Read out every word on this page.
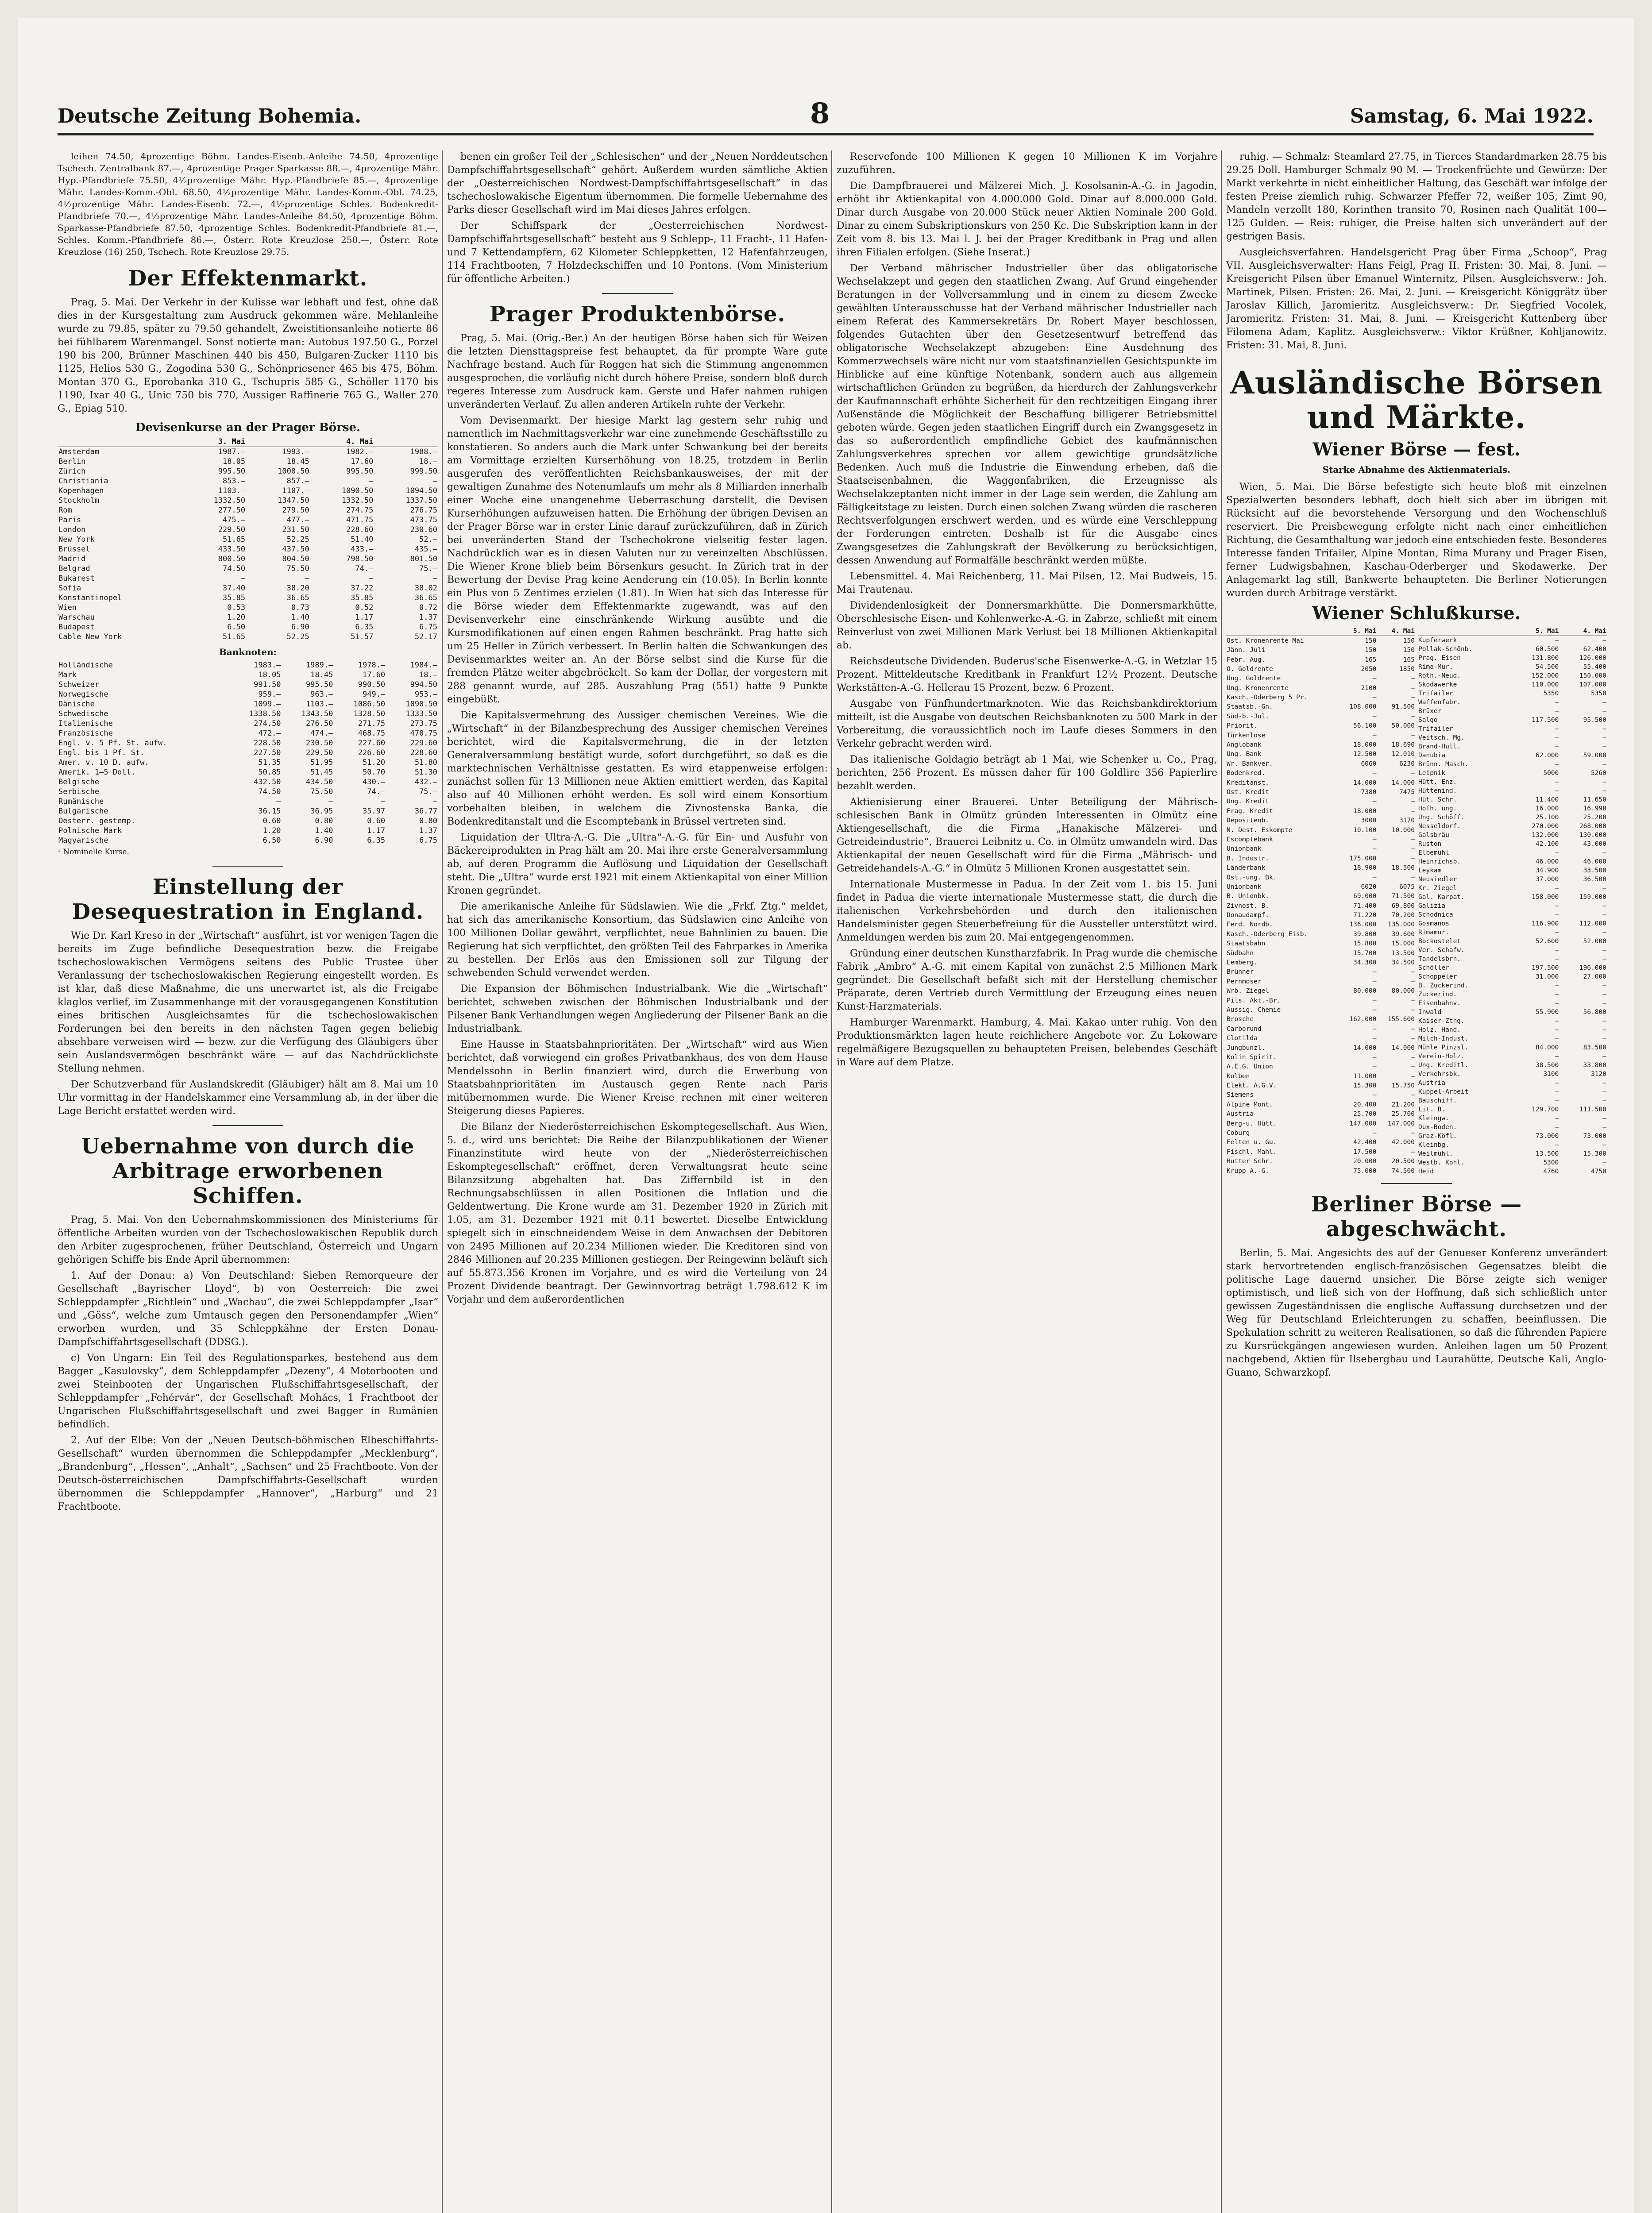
Deutsche Zeitung Bohemia.	8	Samstag, 6. Mai 1922.

leihen 74.50, 4prozentige Böhm. Landes-Eisenb.-Anleihe 74.50, 4prozentige Tschech. Zentralbank 87.—, 4prozentige Prager Sparkasse 88.—, 4prozentige Mähr. Hyp.-Pfandbriefe 75.50, 4½prozentige Mähr. Hyp.-Pfandbriefe 85.—, 4prozentige Mähr. Landes-Komm.-Obl. 68.50, 4½prozentige Mähr. Landes-Komm.-Obl. 74.25, 4½prozentige Mähr. Landes-Eisenb. 72.—, 4½prozentige Schles. Bodenkredit-Pfandbriefe 70.—, 4½prozentige Mähr. Landes-Anleihe 84.50, 4prozentige Böhm. Sparkasse-Pfandbriefe 87.50, 4prozentige Schles. Bodenkredit-Pfandbriefe 81.—, Schles. Komm.-Pfandbriefe 86.—, Österr. Rote Kreuzlose 250.—, Österr. Rote Kreuzlose (16) 250, Tschech. Rote Kreuzlose 29.75.

Der Effektenmarkt.

Prag, 5. Mai. Der Verkehr in der Kulisse war lebhaft und fest, ohne daß dies in der Kursgestaltung zum Ausdruck gekommen wäre. Mehlanleihe wurde zu 79.85, später zu 79.50 gehandelt, Zweistitionsanleihe notierte 86 bei fühlbarem Warenmangel. Sonst notierte man: Autobus 197.50 G., Porzel 190 bis 200, Brünner Maschinen 440 bis 450, Bulgaren-Zucker 1110 bis 1125, Helios 530 G., Zogodina 530 G., Schönpriesener 465 bis 475, Böhm. Montan 370 G., Eporobanka 310 G., Tschupris 585 G., Schöller 1170 bis 1190, Ixar 40 G., Unic 750 bis 770, Aussiger Raffinerie 765 G., Waller 270 G., Epiag 510.

Devisenkurse an der Prager Börse.
	3. Mai		4. Mai	
Amsterdam	1987.—	1993.—	1982.—	1988.—
Berlin	18.05	18.45	17.60	18.—
Zürich	995.50	1000.50	995.50	999.50
Christiania	853.—	857.—	—	—
Kopenhagen	1103.—	1107.—	1090.50	1094.50
Stockholm	1332.50	1347.50	1332.50	1337.50
Rom	277.50	279.50	274.75	276.75
Paris	475.—	477.—	471.75	473.75
London	229.50	231.50	228.60	230.60
New York	51.65	52.25	51.40	52.—
Brüssel	433.50	437.50	433.—	435.—
Madrid	800.50	804.50	798.50	801.50
Belgrad	74.50	75.50	74.—	75.—
Bukarest	—	—	—	—
Sofia	37.40	38.20	37.22	38.02
Konstantinopel	35.85	36.65	35.85	36.65
Wien	0.53	0.73	0.52	0.72
Warschau	1.20	1.40	1.17	1.37
Budapest	6.50	6.90	6.35	6.75
Cable New York	51.65	52.25	51.57	52.17
Banknoten:
Holländische	1983.—	1989.—	1978.—	1984.—
Mark	18.05	18.45	17.60	18.—
Schweizer	991.50	995.50	990.50	994.50
Norwegische	959.—	963.—	949.—	953.—
Dänische	1099.—	1103.—	1086.50	1090.50
Schwedische	1338.50	1343.50	1328.50	1333.50
Italienische	274.50	276.50	271.75	273.75
Französische	472.—	474.—	468.75	470.75
Engl. v. 5 Pf. St. aufw.	228.50	230.50	227.60	229.60
Engl. bis 1 Pf. St.	227.50	229.50	226.60	228.60
Amer. v. 10 D. aufw.	51.35	51.95	51.20	51.80
Amerik. 1—5 Doll.	50.85	51.45	50.70	51.30
Belgische	432.50	434.50	430.—	432.—
Serbische	74.50	75.50	74.—	75.—
Rumänische	—	—	—	—
Bulgarische	36.15	36.95	35.97	36.77
Oesterr. gestemp.	0.60	0.80	0.60	0.80
Polnische Mark	1.20	1.40	1.17	1.37
Magyarische	6.50	6.90	6.35	6.75
¹ Nominelle Kurse.
Einstellung der Desequestration in England.

Wie Dr. Karl Kreso in der „Wirtschaft“ ausführt, ist vor wenigen Tagen die bereits im Zuge befindliche Desequestration bezw. die Freigabe tschechoslowakischen Vermögens seitens des Public Trustee über Veranlassung der tschechoslowakischen Regierung eingestellt worden. Es ist klar, daß diese Maßnahme, die uns unerwartet ist, als die Freigabe klaglos verlief, im Zusammenhange mit der vorausgegangenen Konstitution eines britischen Ausgleichsamtes für die tschechoslowakischen Forderungen bei den bereits in den nächsten Tagen gegen beliebig absehbare verweisen wird — bezw. zur die Verfügung des Gläubigers über sein Auslandsvermögen beschränkt wäre — auf das Nachdrücklichste Stellung nehmen.

Der Schutzverband für Auslandskredit (Gläubiger) hält am 8. Mai um 10 Uhr vormittag in der Handelskammer eine Versammlung ab, in der über die Lage Bericht erstattet werden wird.

Uebernahme von durch die Arbitrage erworbenen Schiffen.

Prag, 5. Mai. Von den Uebernahmskommissionen des Ministeriums für öffentliche Arbeiten wurden von der Tschechoslowakischen Republik durch den Arbiter zugesprochenen, früher Deutschland, Österreich und Ungarn gehörigen Schiffe bis Ende April übernommen:

1. Auf der Donau: a) Von Deutschland: Sieben Remorqueure der Gesellschaft „Bayrischer Lloyd“, b) von Oesterreich: Die zwei Schleppdampfer „Richtlein“ und „Wachau“, die zwei Schleppdampfer „Isar“ und „Göss“, welche zum Umtausch gegen den Personendampfer „Wien“ erworben wurden, und 35 Schleppkähne der Ersten Donau-Dampfschiffahrtsgesellschaft (DDSG.).

c) Von Ungarn: Ein Teil des Regulationsparkes, bestehend aus dem Bagger „Kasulovsky“, dem Schleppdampfer „Dezeny“, 4 Motorbooten und zwei Steinbooten der Ungarischen Flußschiffahrtsgesellschaft, der Schleppdampfer „Fehérvár“, der Gesellschaft Mohács, 1 Frachtboot der Ungarischen Flußschiffahrtsgesellschaft und zwei Bagger in Rumänien befindlich.

2. Auf der Elbe: Von der „Neuen Deutsch-böhmischen Elbeschiffahrts-Gesellschaft“ wurden übernommen die Schleppdampfer „Mecklenburg“, „Brandenburg“, „Hessen“, „Anhalt“, „Sachsen“ und 25 Frachtboote. Von der Deutsch-österreichischen Dampfschiffahrts-Gesellschaft wurden übernommen die Schleppdampfer „Hannover“, „Harburg“ und 21 Frachtboote.

benen ein großer Teil der „Schlesischen“ und der „Neuen Norddeutschen Dampfschiffahrtsgesellschaft“ gehört. Außerdem wurden sämtliche Aktien der „Oesterreichischen Nordwest-Dampfschiffahrtsgesellschaft“ in das tschechoslowakische Eigentum übernommen. Die formelle Uebernahme des Parks dieser Gesellschaft wird im Mai dieses Jahres erfolgen.

Der Schiffspark der „Oesterreichischen Nordwest-Dampfschiffahrtsgesellschaft“ besteht aus 9 Schlepp-, 11 Fracht-, 11 Hafen- und 7 Kettendampfern, 62 Kilometer Schleppketten, 12 Hafenfahrzeugen, 114 Frachtbooten, 7 Holzdeckschiffen und 10 Pontons. (Vom Ministerium für öffentliche Arbeiten.)

Prager Produktenbörse.

Prag, 5. Mai. (Orig.-Ber.) An der heutigen Börse haben sich für Weizen die letzten Diensttagspreise fest behauptet, da für prompte Ware gute Nachfrage bestand. Auch für Roggen hat sich die Stimmung angenommen ausgesprochen, die vorläufig nicht durch höhere Preise, sondern bloß durch regeres Interesse zum Ausdruck kam. Gerste und Hafer nahmen ruhigen unveränderten Verlauf. Zu allen anderen Artikeln ruhte der Verkehr.

Vom Devisenmarkt. Der hiesige Markt lag gestern sehr ruhig und namentlich im Nachmittagsverkehr war eine zunehmende Geschäftsstille zu konstatieren. So anders auch die Mark unter Schwankung bei der bereits am Vormittage erzielten Kurserhöhung von 18.25, trotzdem in Berlin ausgerufen des veröffentlichten Reichsbankausweises, der mit der gewaltigen Zunahme des Notenumlaufs um mehr als 8 Milliarden innerhalb einer Woche eine unangenehme Ueberraschung darstellt, die Devisen Kurserhöhungen aufzuweisen hatten. Die Erhöhung der übrigen Devisen an der Prager Börse war in erster Linie darauf zurückzuführen, daß in Zürich bei unveränderten Stand der Tschechokrone vielseitig fester lagen. Nachdrücklich war es in diesen Valuten nur zu vereinzelten Abschlüssen. Die Wiener Krone blieb beim Börsenkurs gesucht. In Zürich trat in der Bewertung der Devise Prag keine Aenderung ein (10.05). In Berlin konnte ein Plus von 5 Zentimes erzielen (1.81). In Wien hat sich das Interesse für die Börse wieder dem Effektenmarkte zugewandt, was auf den Devisenverkehr eine einschränkende Wirkung ausübte und die Kursmodifikationen auf einen engen Rahmen beschränkt. Prag hatte sich um 25 Heller in Zürich verbessert. In Berlin halten die Schwankungen des Devisenmarktes weiter an. An der Börse selbst sind die Kurse für die fremden Plätze weiter abgebröckelt. So kam der Dollar, der vorgestern mit 288 genannt wurde, auf 285. Auszahlung Prag (551) hatte 9 Punkte eingebüßt.

Die Kapitalsvermehrung des Aussiger chemischen Vereines. Wie die „Wirtschaft“ in der Bilanzbesprechung des Aussiger chemischen Vereines berichtet, wird die Kapitalsvermehrung, die in der letzten Generalversammlung bestätigt wurde, sofort durchgeführt, so daß es die marktechnischen Verhältnisse gestatten. Es wird etappenweise erfolgen: zunächst sollen für 13 Millionen neue Aktien emittiert werden, das Kapital also auf 40 Millionen erhöht werden. Es soll wird einem Konsortium vorbehalten bleiben, in welchem die Zivnostenska Banka, die Bodenkreditanstalt und die Escomptebank in Brüssel vertreten sind.

Liquidation der Ultra-A.-G. Die „Ultra“-A.-G. für Ein- und Ausfuhr von Bäckereiprodukten in Prag hält am 20. Mai ihre erste Generalversammlung ab, auf deren Programm die Auflösung und Liquidation der Gesellschaft steht. Die „Ultra“ wurde erst 1921 mit einem Aktienkapital von einer Million Kronen gegründet.

Die amerikanische Anleihe für Südslawien. Wie die „Frkf. Ztg.“ meldet, hat sich das amerikanische Konsortium, das Südslawien eine Anleihe von 100 Millionen Dollar gewährt, verpflichtet, neue Bahnlinien zu bauen. Die Regierung hat sich verpflichtet, den größten Teil des Fahrparkes in Amerika zu bestellen. Der Erlös aus den Emissionen soll zur Tilgung der schwebenden Schuld verwendet werden.

Die Expansion der Böhmischen Industrialbank. Wie die „Wirtschaft“ berichtet, schweben zwischen der Böhmischen Industrialbank und der Pilsener Bank Verhandlungen wegen Angliederung der Pilsener Bank an die Industrialbank.

Eine Hausse in Staatsbahnprioritäten. Der „Wirtschaft“ wird aus Wien berichtet, daß vorwiegend ein großes Privatbankhaus, des von dem Hause Mendelssohn in Berlin finanziert wird, durch die Erwerbung von Staatsbahnprioritäten im Austausch gegen Rente nach Paris mitübernommen wurde. Die Wiener Kreise rechnen mit einer weiteren Steigerung dieses Papieres.

Die Bilanz der Niederösterreichischen Eskomptegesellschaft. Aus Wien, 5. d., wird uns berichtet: Die Reihe der Bilanzpublikationen der Wiener Finanzinstitute wird heute von der „Niederösterreichischen Eskomptegesellschaft“ eröffnet, deren Verwaltungsrat heute seine Bilanzsitzung abgehalten hat. Das Ziffernbild ist in den Rechnungsabschlüssen in allen Positionen die Inflation und die Geldentwertung. Die Krone wurde am 31. Dezember 1920 in Zürich mit 1.05, am 31. Dezember 1921 mit 0.11 bewertet. Dieselbe Entwicklung spiegelt sich in einschneidendem Weise in dem Anwachsen der Debitoren von 2495 Millionen auf 20.234 Millionen wieder. Die Kreditoren sind von 2846 Millionen auf 20.235 Millionen gestiegen. Der Reingewinn beläuft sich auf 55.873.356 Kronen im Vorjahre, und es wird die Verteilung von 24 Prozent Dividende beantragt. Der Gewinnvortrag beträgt 1.798.612 K im Vorjahr und dem außerordentlichen

Reservefonde 100 Millionen K gegen 10 Millionen K im Vorjahre zuzuführen.

Die Dampfbrauerei und Mälzerei Mich. J. Kosolsanin-A.-G. in Jagodin, erhöht ihr Aktienkapital von 4.000.000 Gold. Dinar auf 8.000.000 Gold. Dinar durch Ausgabe von 20.000 Stück neuer Aktien Nominale 200 Gold. Dinar zu einem Subskriptionskurs von 250 Kc. Die Subskription kann in der Zeit vom 8. bis 13. Mai l. J. bei der Prager Kreditbank in Prag und allen ihren Filialen erfolgen. (Siehe Inserat.)

Der Verband mährischer Industrieller über das obligatorische Wechselakzept und gegen den staatlichen Zwang. Auf Grund eingehender Beratungen in der Vollversammlung und in einem zu diesem Zwecke gewählten Unterausschusse hat der Verband mährischer Industrieller nach einem Referat des Kammersekretärs Dr. Robert Mayer beschlossen, folgendes Gutachten über den Gesetzesentwurf betreffend das obligatorische Wechselakzept abzugeben: Eine Ausdehnung des Kommerzwechsels wäre nicht nur vom staatsfinanziellen Gesichtspunkte im Hinblicke auf eine künftige Notenbank, sondern auch aus allgemein wirtschaftlichen Gründen zu begrüßen, da hierdurch der Zahlungsverkehr der Kaufmannschaft erhöhte Sicherheit für den rechtzeitigen Eingang ihrer Außenstände die Möglichkeit der Beschaffung billigerer Betriebsmittel geboten würde. Gegen jeden staatlichen Eingriff durch ein Zwangsgesetz in das so außerordentlich empfindliche Gebiet des kaufmännischen Zahlungsverkehres sprechen vor allem gewichtige grundsätzliche Bedenken. Auch muß die Industrie die Einwendung erheben, daß die Staatseisenbahnen, die Waggonfabriken, die Erzeugnisse als Wechselakzeptanten nicht immer in der Lage sein werden, die Zahlung am Fälligkeitstage zu leisten. Durch einen solchen Zwang würden die rascheren Rechtsverfolgungen erschwert werden, und es würde eine Verschleppung der Forderungen eintreten. Deshalb ist für die Ausgabe eines Zwangsgesetzes die Zahlungskraft der Bevölkerung zu berücksichtigen, dessen Anwendung auf Formalfälle beschränkt werden müßte.

Lebensmittel. 4. Mai Reichenberg, 11. Mai Pilsen, 12. Mai Budweis, 15. Mai Trautenau.

Dividendenlosigkeit der Donnersmarkhütte. Die Donnersmarkhütte, Oberschlesische Eisen- und Kohlenwerke-A.-G. in Zabrze, schließt mit einem Reinverlust von zwei Millionen Mark Verlust bei 18 Millionen Aktienkapital ab.

Reichsdeutsche Dividenden. Buderus'sche Eisenwerke-A.-G. in Wetzlar 15 Prozent. Mitteldeutsche Kreditbank in Frankfurt 12½ Prozent. Deutsche Werkstätten-A.-G. Hellerau 15 Prozent, bezw. 6 Prozent.

Ausgabe von Fünfhundertmarknoten. Wie das Reichsbankdirektorium mitteilt, ist die Ausgabe von deutschen Reichsbanknoten zu 500 Mark in der Vorbereitung, die voraussichtlich noch im Laufe dieses Sommers in den Verkehr gebracht werden wird.

Das italienische Goldagio beträgt ab 1 Mai, wie Schenker u. Co., Prag, berichten, 256 Prozent. Es müssen daher für 100 Goldlire 356 Papierlire bezahlt werden.

Aktienisierung einer Brauerei. Unter Beteiligung der Mährisch-schlesischen Bank in Olmütz gründen Interessenten in Olmütz eine Aktiengesellschaft, die die Firma „Hanakische Mälzerei- und Getreideindustrie“, Brauerei Leibnitz u. Co. in Olmütz umwandeln wird. Das Aktienkapital der neuen Gesellschaft wird für die Firma „Mährisch- und Getreidehandels-A.-G.“ in Olmütz 5 Millionen Kronen ausgestattet sein.

Internationale Mustermesse in Padua. In der Zeit vom 1. bis 15. Juni findet in Padua die vierte internationale Mustermesse statt, die durch die italienischen Verkehrsbehörden und durch den italienischen Handelsminister gegen Steuerbefreiung für die Aussteller unterstützt wird. Anmeldungen werden bis zum 20. Mai entgegengenommen.

Gründung einer deutschen Kunstharzfabrik. In Prag wurde die chemische Fabrik „Ambro“ A.-G. mit einem Kapital von zunächst 2.5 Millionen Mark gegründet. Die Gesellschaft befaßt sich mit der Herstellung chemischer Präparate, deren Vertrieb durch Vermittlung der Erzeugung eines neuen Kunst-Harzmaterials.

Hamburger Warenmarkt. Hamburg, 4. Mai. Kakao unter ruhig. Von den Produktionsmärkten lagen heute reichlichere Angebote vor. Zu Lokoware regelmäßigere Bezugsquellen zu behaupteten Preisen, belebendes Geschäft in Ware auf dem Platze.

ruhig. — Schmalz: Steamlard 27.75, in Tierces Standardmarken 28.75 bis 29.25 Doll. Hamburger Schmalz 90 M. — Trockenfrüchte und Gewürze: Der Markt verkehrte in nicht einheitlicher Haltung, das Geschäft war infolge der festen Preise ziemlich ruhig. Schwarzer Pfeffer 72, weißer 105, Zimt 90, Mandeln verzollt 180, Korinthen transito 70, Rosinen nach Qualität 100—125 Gulden. — Reis: ruhiger, die Preise halten sich unverändert auf der gestrigen Basis.

Ausgleichsverfahren. Handelsgericht Prag über Firma „Schoop“, Prag VII. Ausgleichsverwalter: Hans Feigl, Prag II. Fristen: 30. Mai, 8. Juni. — Kreisgericht Pilsen über Emanuel Winternitz, Pilsen. Ausgleichsverw.: Joh. Martinek, Pilsen. Fristen: 26. Mai, 2. Juni. — Kreisgericht Königgrätz über Jaroslav Killich, Jaromieritz. Ausgleichsverw.: Dr. Siegfried Vocolek, Jaromieritz. Fristen: 31. Mai, 8. Juni. — Kreisgericht Kuttenberg über Filomena Adam, Kaplitz. Ausgleichsverw.: Viktor Krüßner, Kohljanowitz. Fristen: 31. Mai, 8. Juni.

Ausländische Börsen und Märkte.
Wiener Börse — fest.
Starke Abnahme des Aktienmaterials.

Wien, 5. Mai. Die Börse befestigte sich heute bloß mit einzelnen Spezialwerten besonders lebhaft, doch hielt sich aber im übrigen mit Rücksicht auf die bevorstehende Versorgung und den Wochenschluß reserviert. Die Preisbewegung erfolgte nicht nach einer einheitlichen Richtung, die Gesamthaltung war jedoch eine entschieden feste. Besonderes Interesse fanden Trifailer, Alpine Montan, Rima Murany und Prager Eisen, ferner Ludwigsbahnen, Kaschau-Oderberger und Skodawerke. Der Anlagemarkt lag still, Bankwerte behaupteten. Die Berliner Notierungen wurden durch Arbitrage verstärkt.

Wiener Schlußkurse.
	5. Mai	4. Mai
Ost. Kronenrente Mai	150	150
Jänn. Juli	150	150
Febr. Aug.	165	165
O. Goldrente	2050	1850
Ung. Goldrente	—	—
Ung. Kronenrente	2100	—
Kasch.-Oderberg 5 Pr.	—	—
Staatsb.-Gn.	108.000	91.500
Süd-b.-Jul.	—	—
Priorit.	56.100	50.000
Türkenlose	—	—
Anglobank	18.000	18.690
Ung. Bank	12.500	12.010
Wr. Bankver.	6060	6230
Bodenkred.	—	—
Kreditanst.	14.000	14.000
Ost. Kredit	7380	7475
Ung. Kredit	—	—
Frag. Kredit	18.000	—
Depositenb.	3000	3170
N. Dest. Eskompte	10.100	10.000
Escomptebank	—	—
Unionbank	—	—
B. Industr.	175.000	—
Länderbank	18.900	18.500
Ost.-ung. Bk.	—	—
Unionbank	6020	6075
B. Unionbk.	69.000	71.500
Zivnost. B.	71.400	69.800
Donaudampf.	71.220	70.200
Ferd. Nordb.	136.000	135.000
Kasch.-Oderberg Eisb.	39.800	39.600
Staatsbahn	15.800	15.000
Südbahn	15.700	13.500
Lemberg.	34.300	34.500
Brünner	—	—
Pernmoser	—	—
Wrb. Ziegel	80.000	80.000
Pils. Akt.-Br.	—	—
Aussig. Chemie	—	—
Brosche	162.000	155.600
Carborund	—	—
Clotilda	—	—
Jungbunzl.	14.000	14.000
Kolin Spirit.	—	—
A.E.G. Union	—	—
Kolben	11.000	—
Elekt. A.G.V.	15.300	15.750
Siemens	—	—
Alpine Mont.	20.400	21.200
Austria	25.700	25.700
Berg-u. Hütt.	147.000	147.000
Coburg	—	—
Felten u. Gu.	42.400	42.000
Fischl. Mahl.	17.500	—
Hutter Schr.	20.000	20.500
Krupp A.-G.	75.000	74.500
	5. Mai	4. Mai
Kupferwerk	—	—
Pollak-Schönb.	60.500	62.400
Prag. Eisen	131.800	126.000
Rima-Mur.	54.500	55.400
Roth.-Neud.	152.000	150.000
Skodawerke	110.000	107.000
Trifailer	5350	5350
Waffenfabr.	—	—
Brüxer	—	—
Salgo	117.500	95.500
Trifailer	—	—
Veitsch. Mg.	—	—
Brand-Hull.	—	—
Danubia	62.000	59.000
Brünn. Masch.	—	—
Leipnik	5000	5260
Hütt. Enz.	—	—
Hüttenind.	—	—
Hüt. Schr.	11.400	11.650
Hofh. ung.	16.000	16.990
Ung. Schöff.	25.100	25.200
Nesseldorf.	270.000	268.000
Galsbräu	132.000	130.000
Ruston	42.100	43.000
Elbemühl	—	—
Heinrichsb.	46.000	46.000
Leykam	34.900	33.500
Neusiedler	37.000	36.500
Kr. Ziegel	—	—
Gal. Karpat.	158.000	159.000
Galizia	—	—
Schodnica	—	—
Gosmanos	116.900	112.000
Rimamur.	—	—
Bockostelet	52.600	52.000
Ver. Schafw.	—	—
Tandelsbrn.	—	—
Schöller	197.500	196.000
Schoppeler	31.000	27.000
B. Zuckerind.	—	—
Zuckerind.	—	—
Eisenbahnv.	—	—
Inwald	55.900	56.800
Kaiser-Ztng.	—	—
Holz. Hand.	—	—
Milch-Indust.	—	—
Mühle Pinzsl.	84.000	83.500
Verein-Holz.	—	—
Ung. Kreditl.	38.500	33.800
Verkehrsbk.	3100	3120
Austria	—	—
Kuppel-Arbeit	—	—
Bauschiff.	—	—
Lit. B.	129.700	111.500
Kleingw.	—	—
Dux-Boden.	—	—
Graz-Köfl.	73.000	73.000
Kleinbg.	—	—
Weilmühl.	13.500	15.300
Westb. Kohl.	5300	—
Heid	4760	4750
Berliner Börse — abgeschwächt.

Berlin, 5. Mai. Angesichts des auf der Genueser Konferenz unverändert stark hervortretenden englisch-französischen Gegensatzes bleibt die politische Lage dauernd unsicher. Die Börse zeigte sich weniger optimistisch, und ließ sich von der Hoffnung, daß sich schließlich unter gewissen Zugeständnissen die englische Auffassung durchsetzen und der Weg für Deutschland Erleichterungen zu schaffen, beeinflussen. Die Spekulation schritt zu weiteren Realisationen, so daß die führenden Papiere zu Kursrückgängen angewiesen wurden. Anleihen lagen um 50 Prozent nachgebend, Aktien für Ilsebergbau und Laurahütte, Deutsche Kali, Anglo-Guano, Schwarzkopf.
